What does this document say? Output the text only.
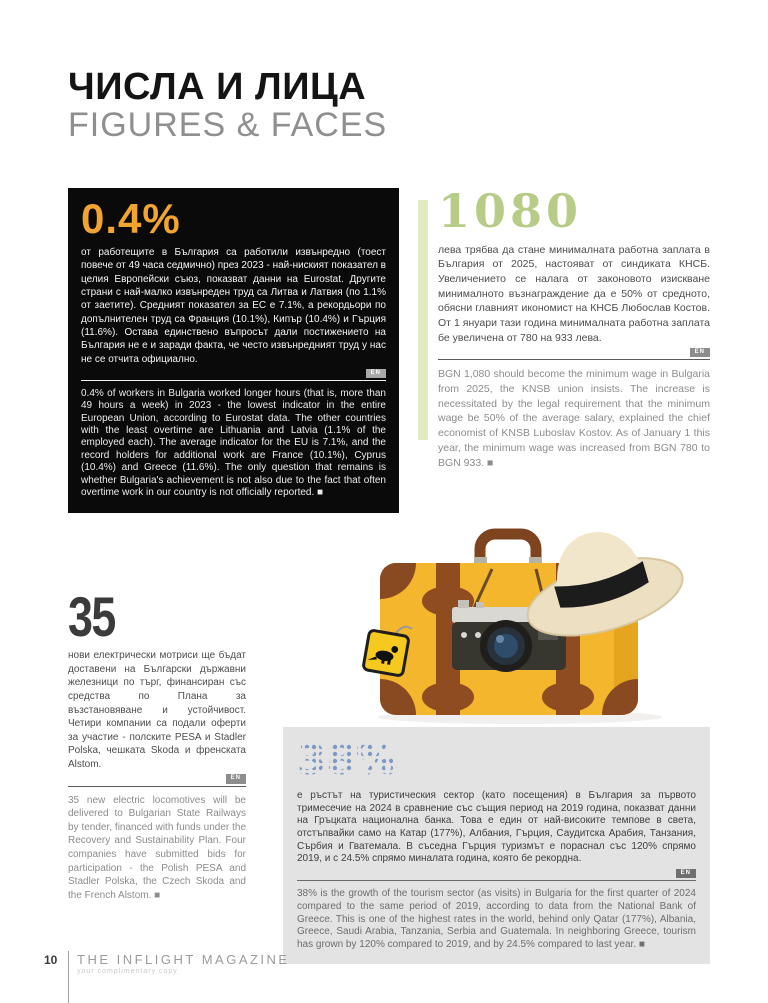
ЧИСЛА И ЛИЦА
FIGURES & FACES
0.4%

от работещите в България са работили извънредно (тоест повече от 49 часа седмично) през 2023 - най-ниският показател в целия Европейски съюз, показват данни на Eurostat. Другите страни с най-малко извънреден труд са Литва и Латвия (по 1.1% от заетите). Средният показател за ЕС е 7.1%, а рекордьори по допълнителен труд са Франция (10.1%), Кипър (10.4%) и Гърция (11.6%). Остава единствено въпросът дали постижението на България не е и заради факта, че често извънредният труд у нас не се отчита официално.

EN

0.4% of workers in Bulgaria worked longer hours (that is, more than 49 hours a week) in 2023 - the lowest indicator in the entire European Union, according to Eurostat data. The other countries with the least overtime are Lithuania and Latvia (1.1% of the employed each). The average indicator for the EU is 7.1%, and the record holders for additional work are France (10.1%), Cyprus (10.4%) and Greece (11.6%). The only question that remains is whether Bulgaria's achievement is not also due to the fact that often overtime work in our country is not officially reported. ■

1080

лева трябва да стане минималната работна заплата в България от 2025, настояват от синдиката КНСБ. Увеличението се налага от законовото изискване минималното възнаграждение да е 50% от средното, обясни главният икономист на КНСБ Любослав Костов. От 1 януари тази година минималната работна заплата бе увеличена от 780 на 933 лева.

EN

BGN 1,080 should become the minimum wage in Bulgaria from 2025, the KNSB union insists. The increase is necessitated by the legal requirement that the minimum wage be 50% of the average salary, explained the chief economist of KNSB Luboslav Kostov. As of January 1 this year, the minimum wage was increased from BGN 780 to BGN 933. ■

35

нови електрически мотриси ще бъдат доставени на Български държавни железници по търг, финансиран със средства по Плана за възстановяване и устойчивост. Четири компании са подали оферти за участие - полските PESA и Stadler Polska, чешката Skoda и френската Alstom.

EN

35 new electric locomotives will be delivered to Bulgarian State Railways by tender, financed with funds under the Recovery and Sustainability Plan. Four companies have submitted bids for participation - the Polish PESA and Stadler Polska, the Czech Skoda and the French Alstom. ■

38%

е ръстът на туристическия сектор (като посещения) в България за първото тримесечие на 2024 в сравнение със същия период на 2019 година, показват данни на Гръцката национална банка. Това е един от най-високите темпове в света, отстъпвайки само на Катар (177%), Албания, Гърция, Саудитска Арабия, Танзания, Сърбия и Гватемала. В съседна Гърция туризмът е пораснал със 120% спрямо 2019, и с 24.5% спрямо миналата година, която бе рекордна.

EN

38% is the growth of the tourism sector (as visits) in Bulgaria for the first quarter of 2024 compared to the same period of 2019, according to data from the National Bank of Greece. This is one of the highest rates in the world, behind only Qatar (177%), Albania, Greece, Saudi Arabia, Tanzania, Serbia and Guatemala. In neighboring Greece, tourism has grown by 120% compared to 2019, and by 24.5% compared to last year. ■

10 THE INFLIGHT MAGAZINE
your complimentary copy
